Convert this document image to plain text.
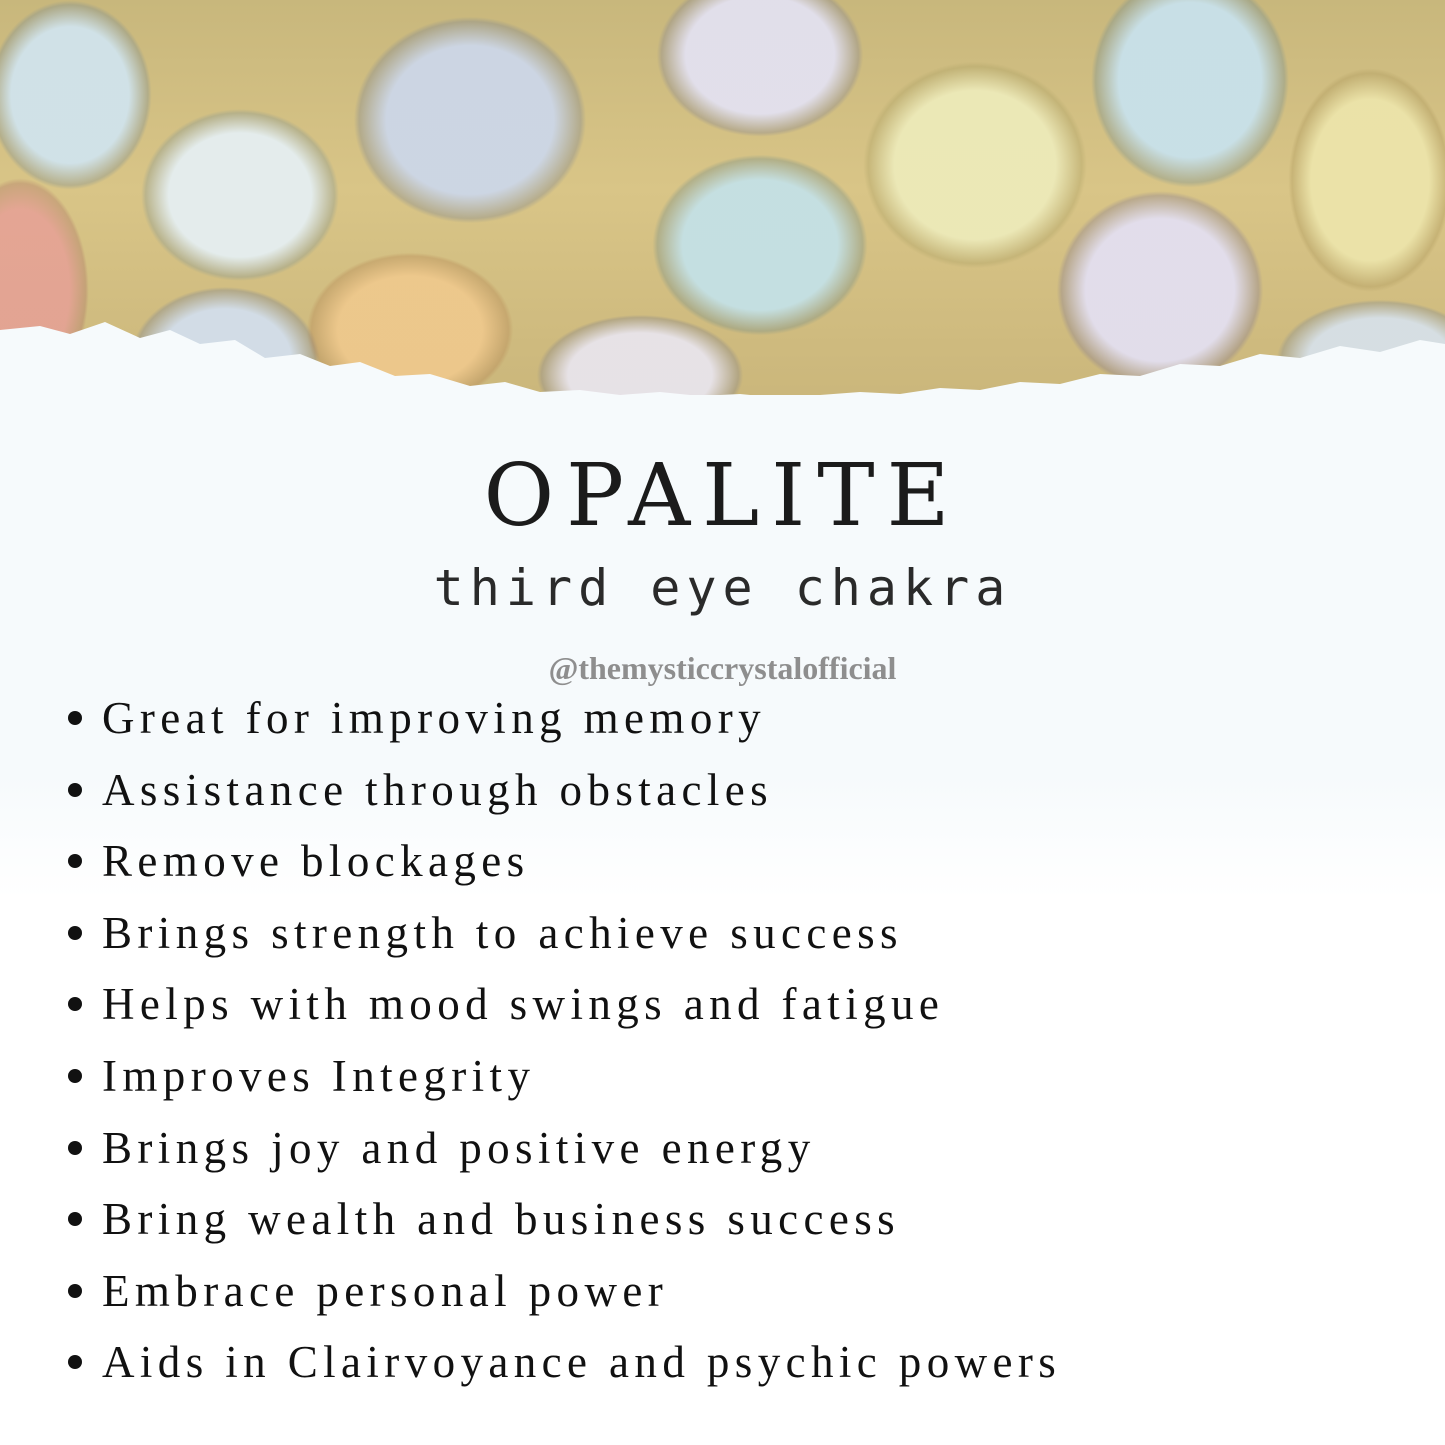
OPALITE
third eye chakra
@themysticcrystalofficial
Great for improving memory
Assistance through obstacles
Remove blockages
Brings strength to achieve success
Helps with mood swings and fatigue
Improves Integrity
Brings joy and positive energy
Bring wealth and business success
Embrace personal power
Aids in Clairvoyance and psychic powers
